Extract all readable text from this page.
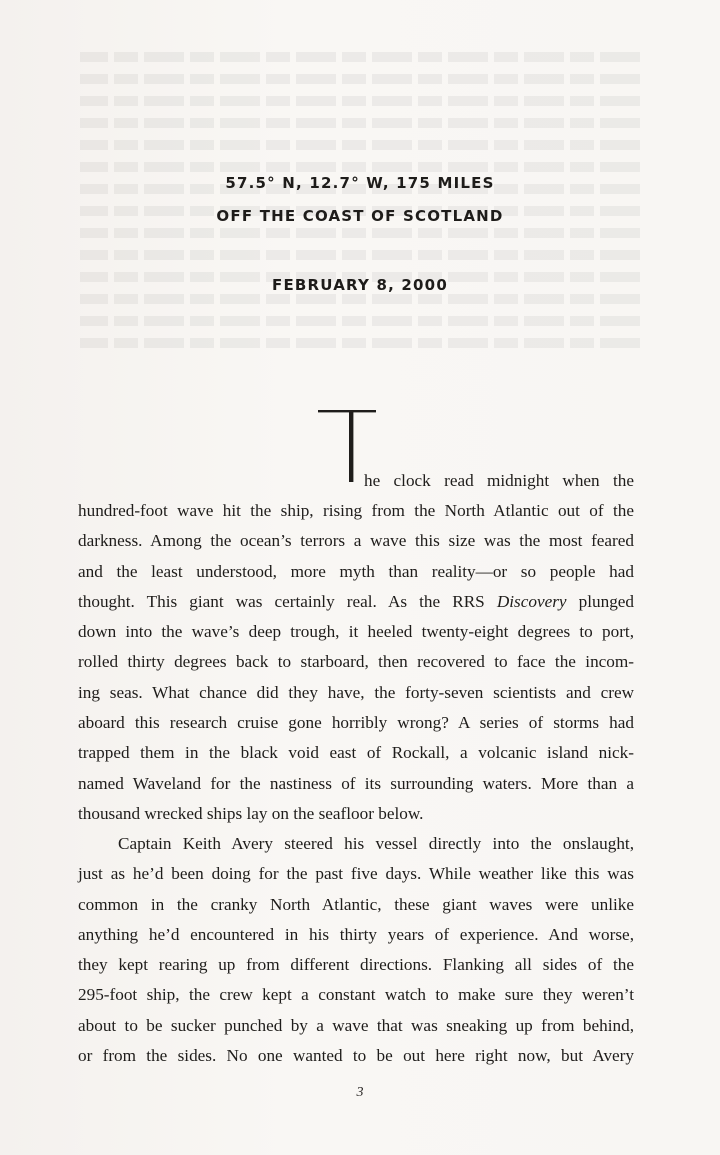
57.5° N, 12.7° W, 175 MILES
OFF THE COAST OF SCOTLAND
FEBRUARY 8, 2000
T
he clock read midnight when the
hundred-foot wave hit the ship, rising from the North Atlantic out of the
darkness. Among the ocean’s terrors a wave this size was the most feared
and the least understood, more myth than reality—or so people had
thought. This giant was certainly real. As the RRS Discovery plunged
down into the wave’s deep trough, it heeled twenty-eight degrees to port,
rolled thirty degrees back to starboard, then recovered to face the incom-
ing seas. What chance did they have, the forty-seven scientists and crew
aboard this research cruise gone horribly wrong? A series of storms had
trapped them in the black void east of Rockall, a volcanic island nick-
named Waveland for the nastiness of its surrounding waters. More than a
thousand wrecked ships lay on the seafloor below.
Captain Keith Avery steered his vessel directly into the onslaught,
just as he’d been doing for the past five days. While weather like this was
common in the cranky North Atlantic, these giant waves were unlike
anything he’d encountered in his thirty years of experience. And worse,
they kept rearing up from different directions. Flanking all sides of the
295-foot ship, the crew kept a constant watch to make sure they weren’t
about to be sucker punched by a wave that was sneaking up from behind,
or from the sides. No one wanted to be out here right now, but Avery
3
